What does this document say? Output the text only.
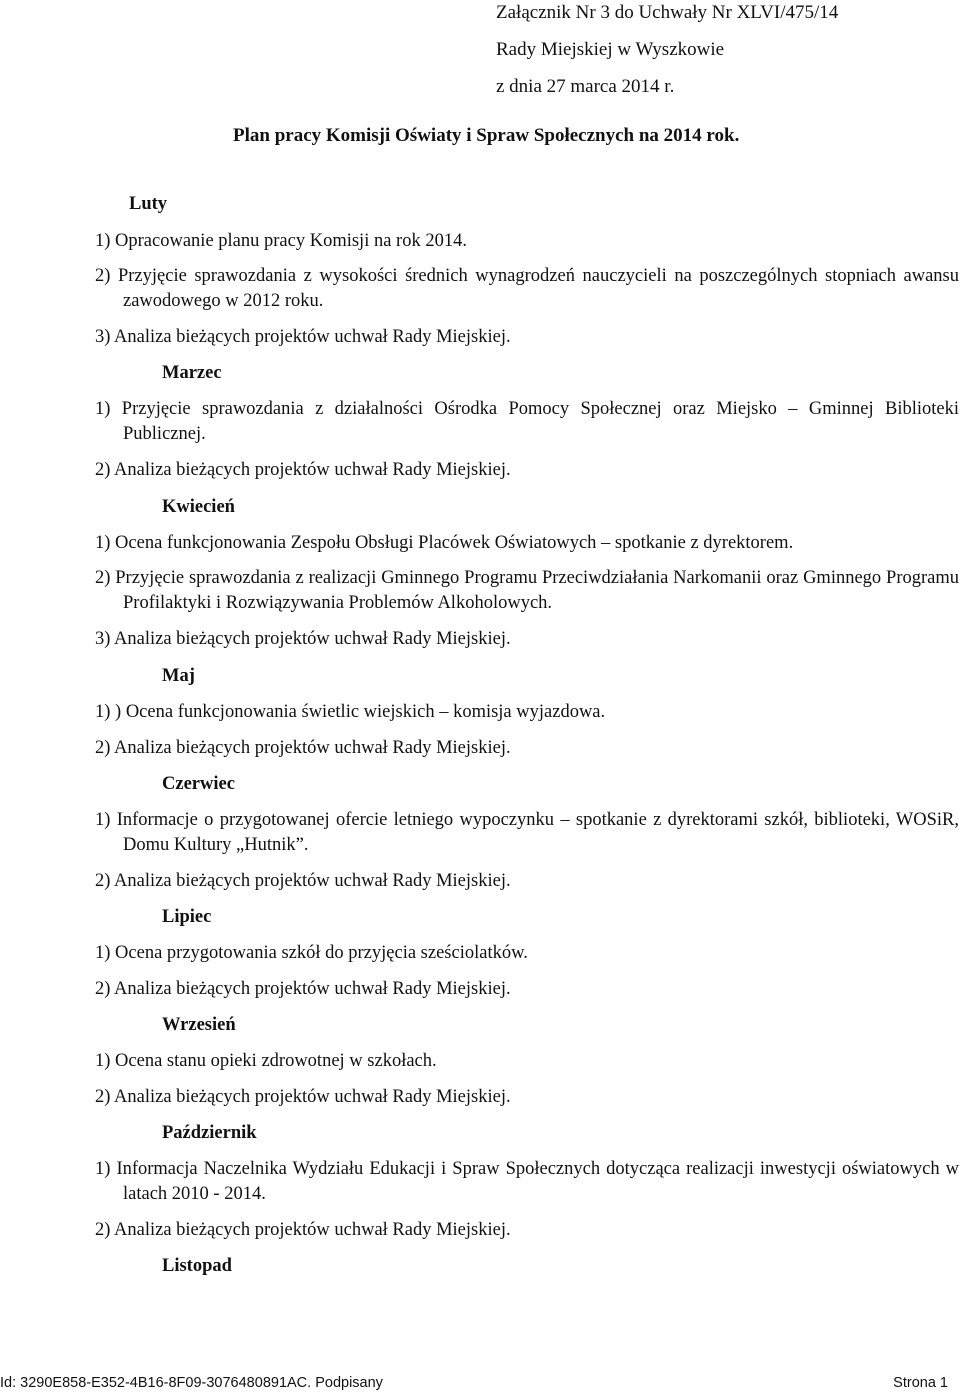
Załącznik Nr 3 do Uchwały Nr XLVI/475/14
Rady Miejskiej w Wyszkowie
z dnia 27 marca 2014 r.
Plan pracy Komisji Oświaty i Spraw Społecznych na 2014 rok.
Luty
1) Opracowanie planu pracy Komisji na rok 2014.
2) Przyjęcie sprawozdania z wysokości średnich wynagrodzeń nauczycieli na poszczególnych stopniach awansu zawodowego w 2012 roku.
3) Analiza bieżących projektów uchwał Rady Miejskiej.
Marzec
1) Przyjęcie sprawozdania z działalności Ośrodka Pomocy Społecznej oraz Miejsko – Gminnej Biblioteki Publicznej.
2) Analiza bieżących projektów uchwał Rady Miejskiej.
Kwiecień
1) Ocena funkcjonowania Zespołu Obsługi Placówek Oświatowych – spotkanie z dyrektorem.
2) Przyjęcie sprawozdania z realizacji Gminnego Programu Przeciwdziałania Narkomanii oraz Gminnego Programu Profilaktyki i Rozwiązywania Problemów Alkoholowych.
3) Analiza bieżących projektów uchwał Rady Miejskiej.
Maj
1) ) Ocena funkcjonowania świetlic wiejskich – komisja wyjazdowa.
2) Analiza bieżących projektów uchwał Rady Miejskiej.
Czerwiec
1) Informacje o przygotowanej ofercie letniego wypoczynku – spotkanie z dyrektorami szkół, biblioteki, WOSiR, Domu Kultury „Hutnik”.
2) Analiza bieżących projektów uchwał Rady Miejskiej.
Lipiec
1) Ocena przygotowania szkół do przyjęcia sześciolatków.
2) Analiza bieżących projektów uchwał Rady Miejskiej.
Wrzesień
1) Ocena stanu opieki zdrowotnej w szkołach.
2) Analiza bieżących projektów uchwał Rady Miejskiej.
Październik
1) Informacja Naczelnika Wydziału Edukacji i Spraw Społecznych dotycząca realizacji inwestycji oświatowych w latach 2010 - 2014.
2) Analiza bieżących projektów uchwał Rady Miejskiej.
Listopad
Id: 3290E858-E352-4B16-8F09-3076480891AC. Podpisany	Strona 1
